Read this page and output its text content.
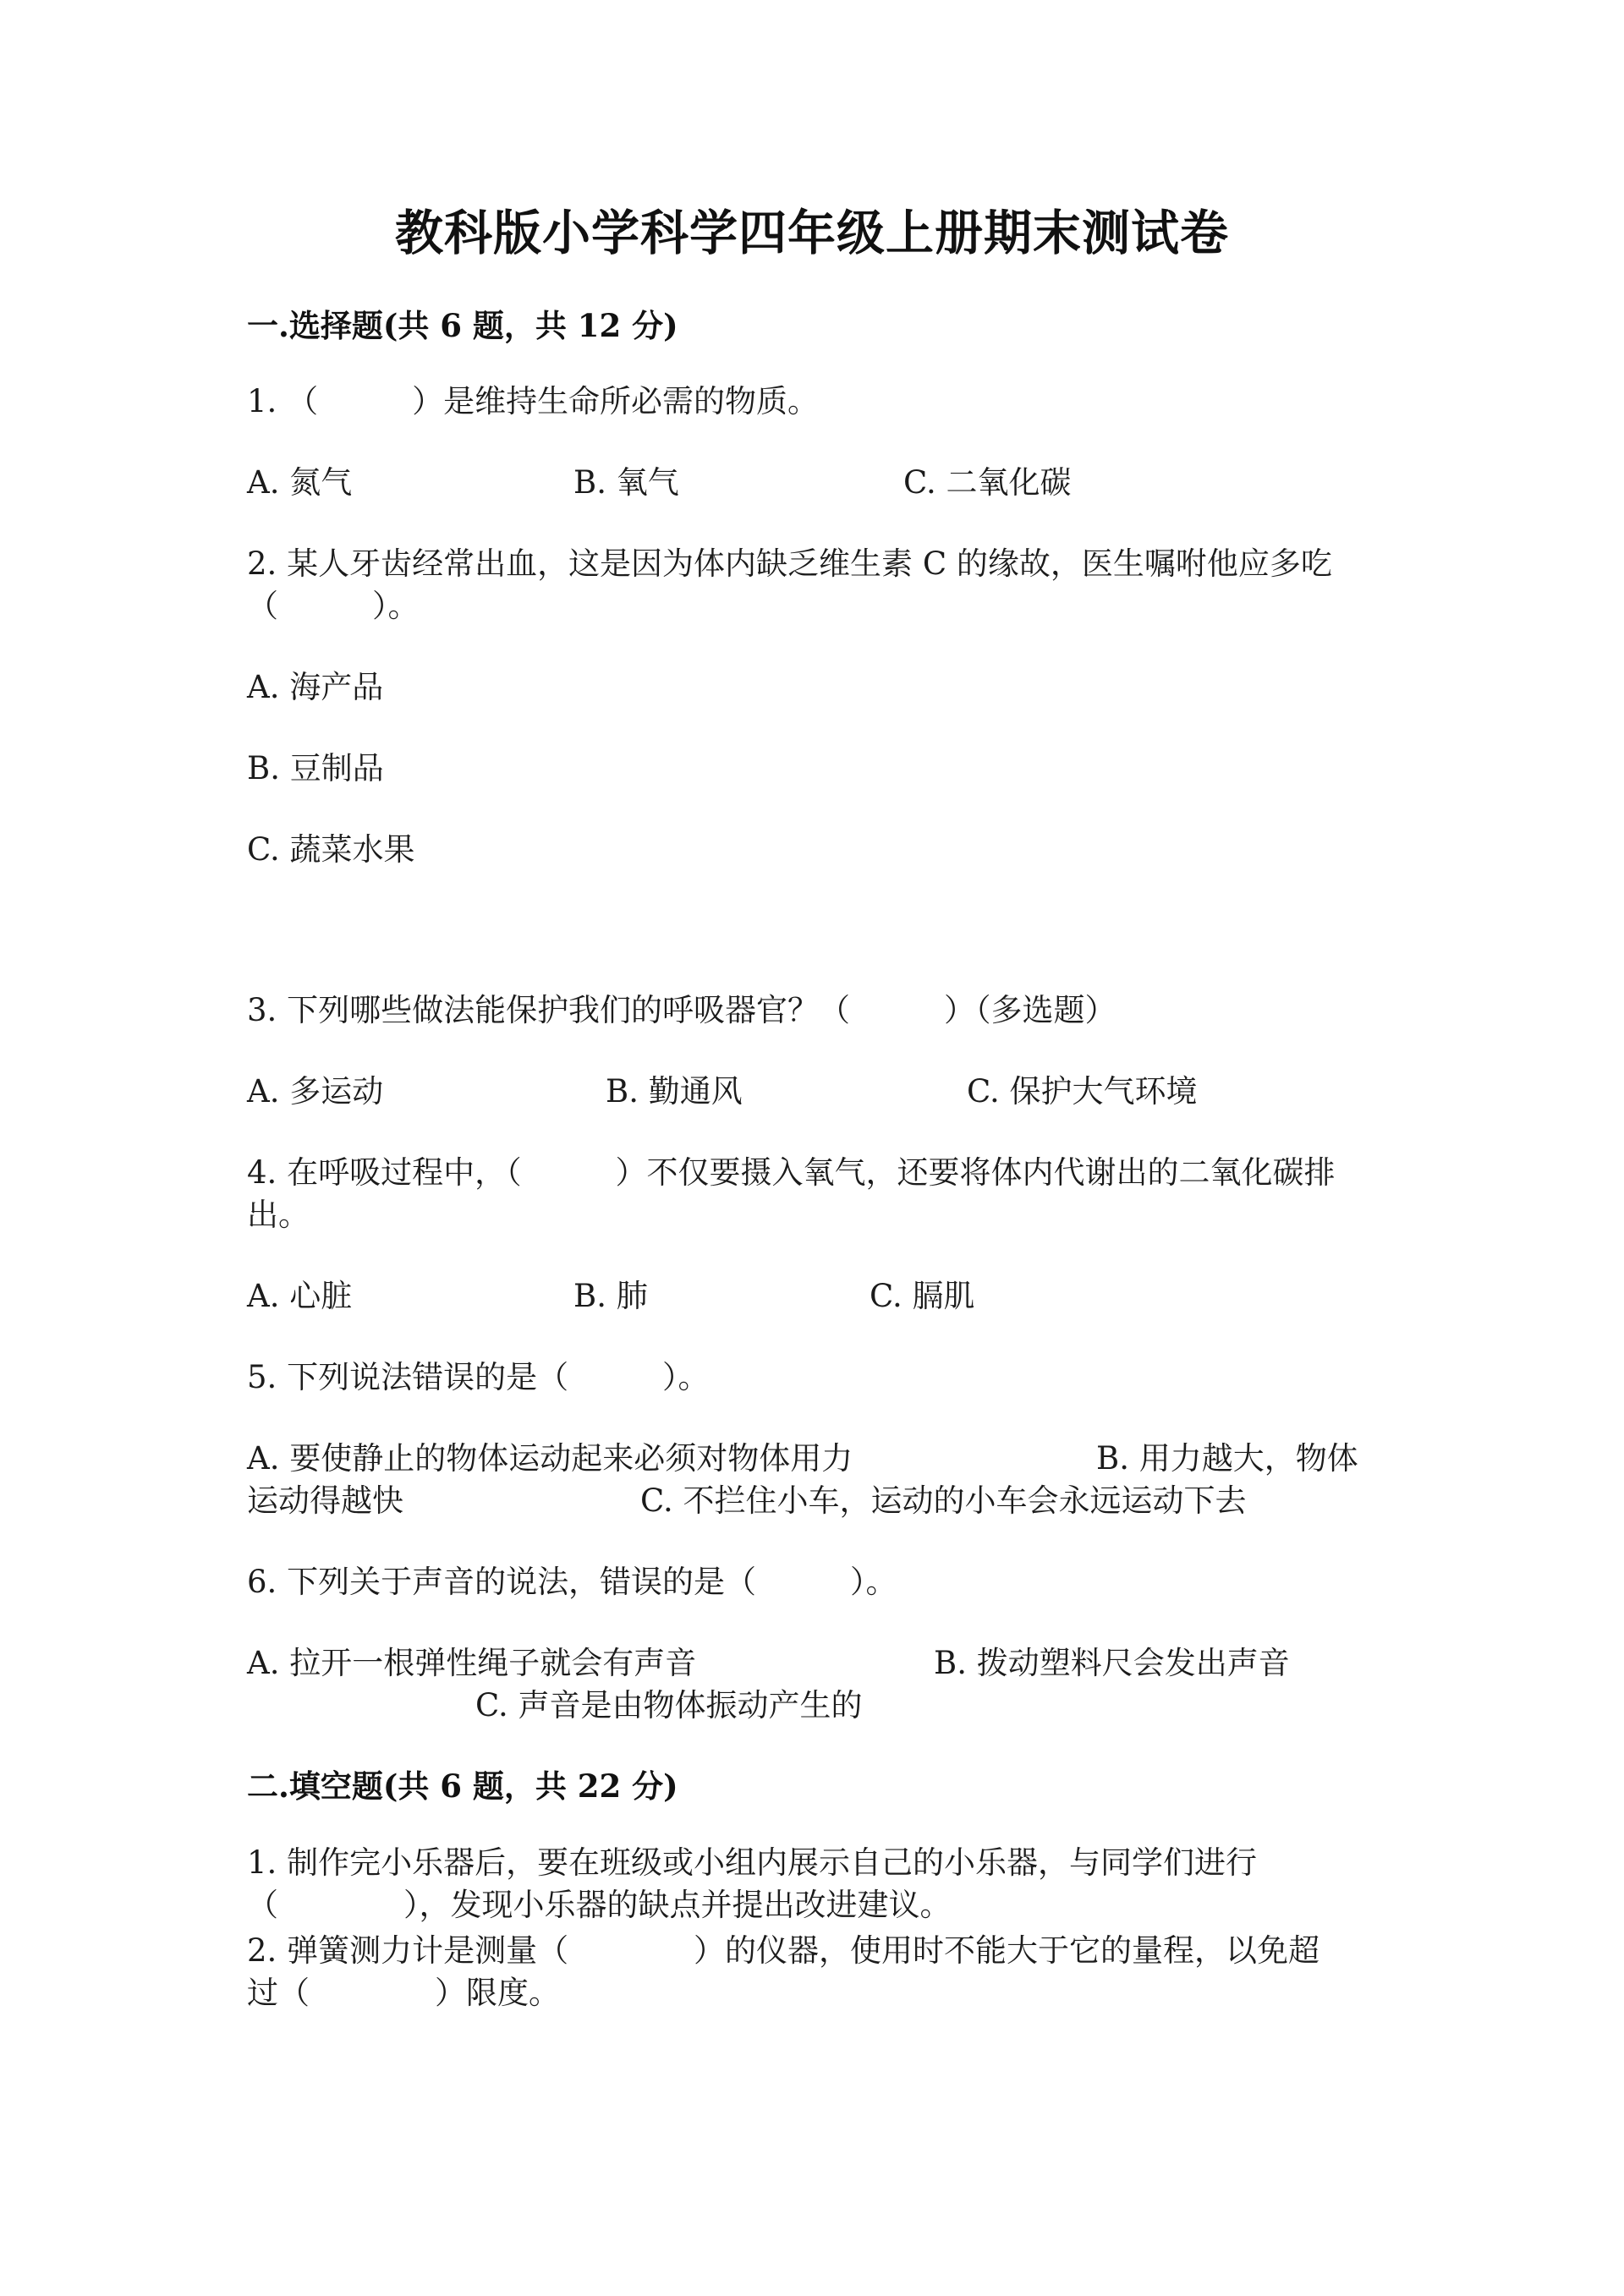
教科版小学科学四年级上册期末测试卷
一.选择题(共 6 题，共 12 分)
1. （　　　）是维持生命所必需的物质。
A. 氮气	B. 氧气	C. 二氧化碳
2. 某人牙齿经常出血，这是因为体内缺乏维生素 C 的缘故，医生嘱咐他应多吃
（　　　）。
A. 海产品
B. 豆制品
C. 蔬菜水果
3. 下列哪些做法能保护我们的呼吸器官？（　　　）（多选题）
A. 多运动	B. 勤通风	C. 保护大气环境
4. 在呼吸过程中，（　　　）不仅要摄入氧气，还要将体内代谢出的二氧化碳排
出。
A. 心脏	B. 肺	C. 膈肌
5. 下列说法错误的是（　　　）。
A. 要使静止的物体运动起来必须对物体用力	B. 用力越大，物体
运动得越快	C. 不拦住小车，运动的小车会永远运动下去
6. 下列关于声音的说法，错误的是（　　　）。
A. 拉开一根弹性绳子就会有声音	B. 拨动塑料尺会发出声音
C. 声音是由物体振动产生的
二.填空题(共 6 题，共 22 分)
1. 制作完小乐器后，要在班级或小组内展示自己的小乐器，与同学们进行
（　　　　），发现小乐器的缺点并提出改进建议。
2. 弹簧测力计是测量（　　　　）的仪器，使用时不能大于它的量程，以免超
过（　　　　）限度。
